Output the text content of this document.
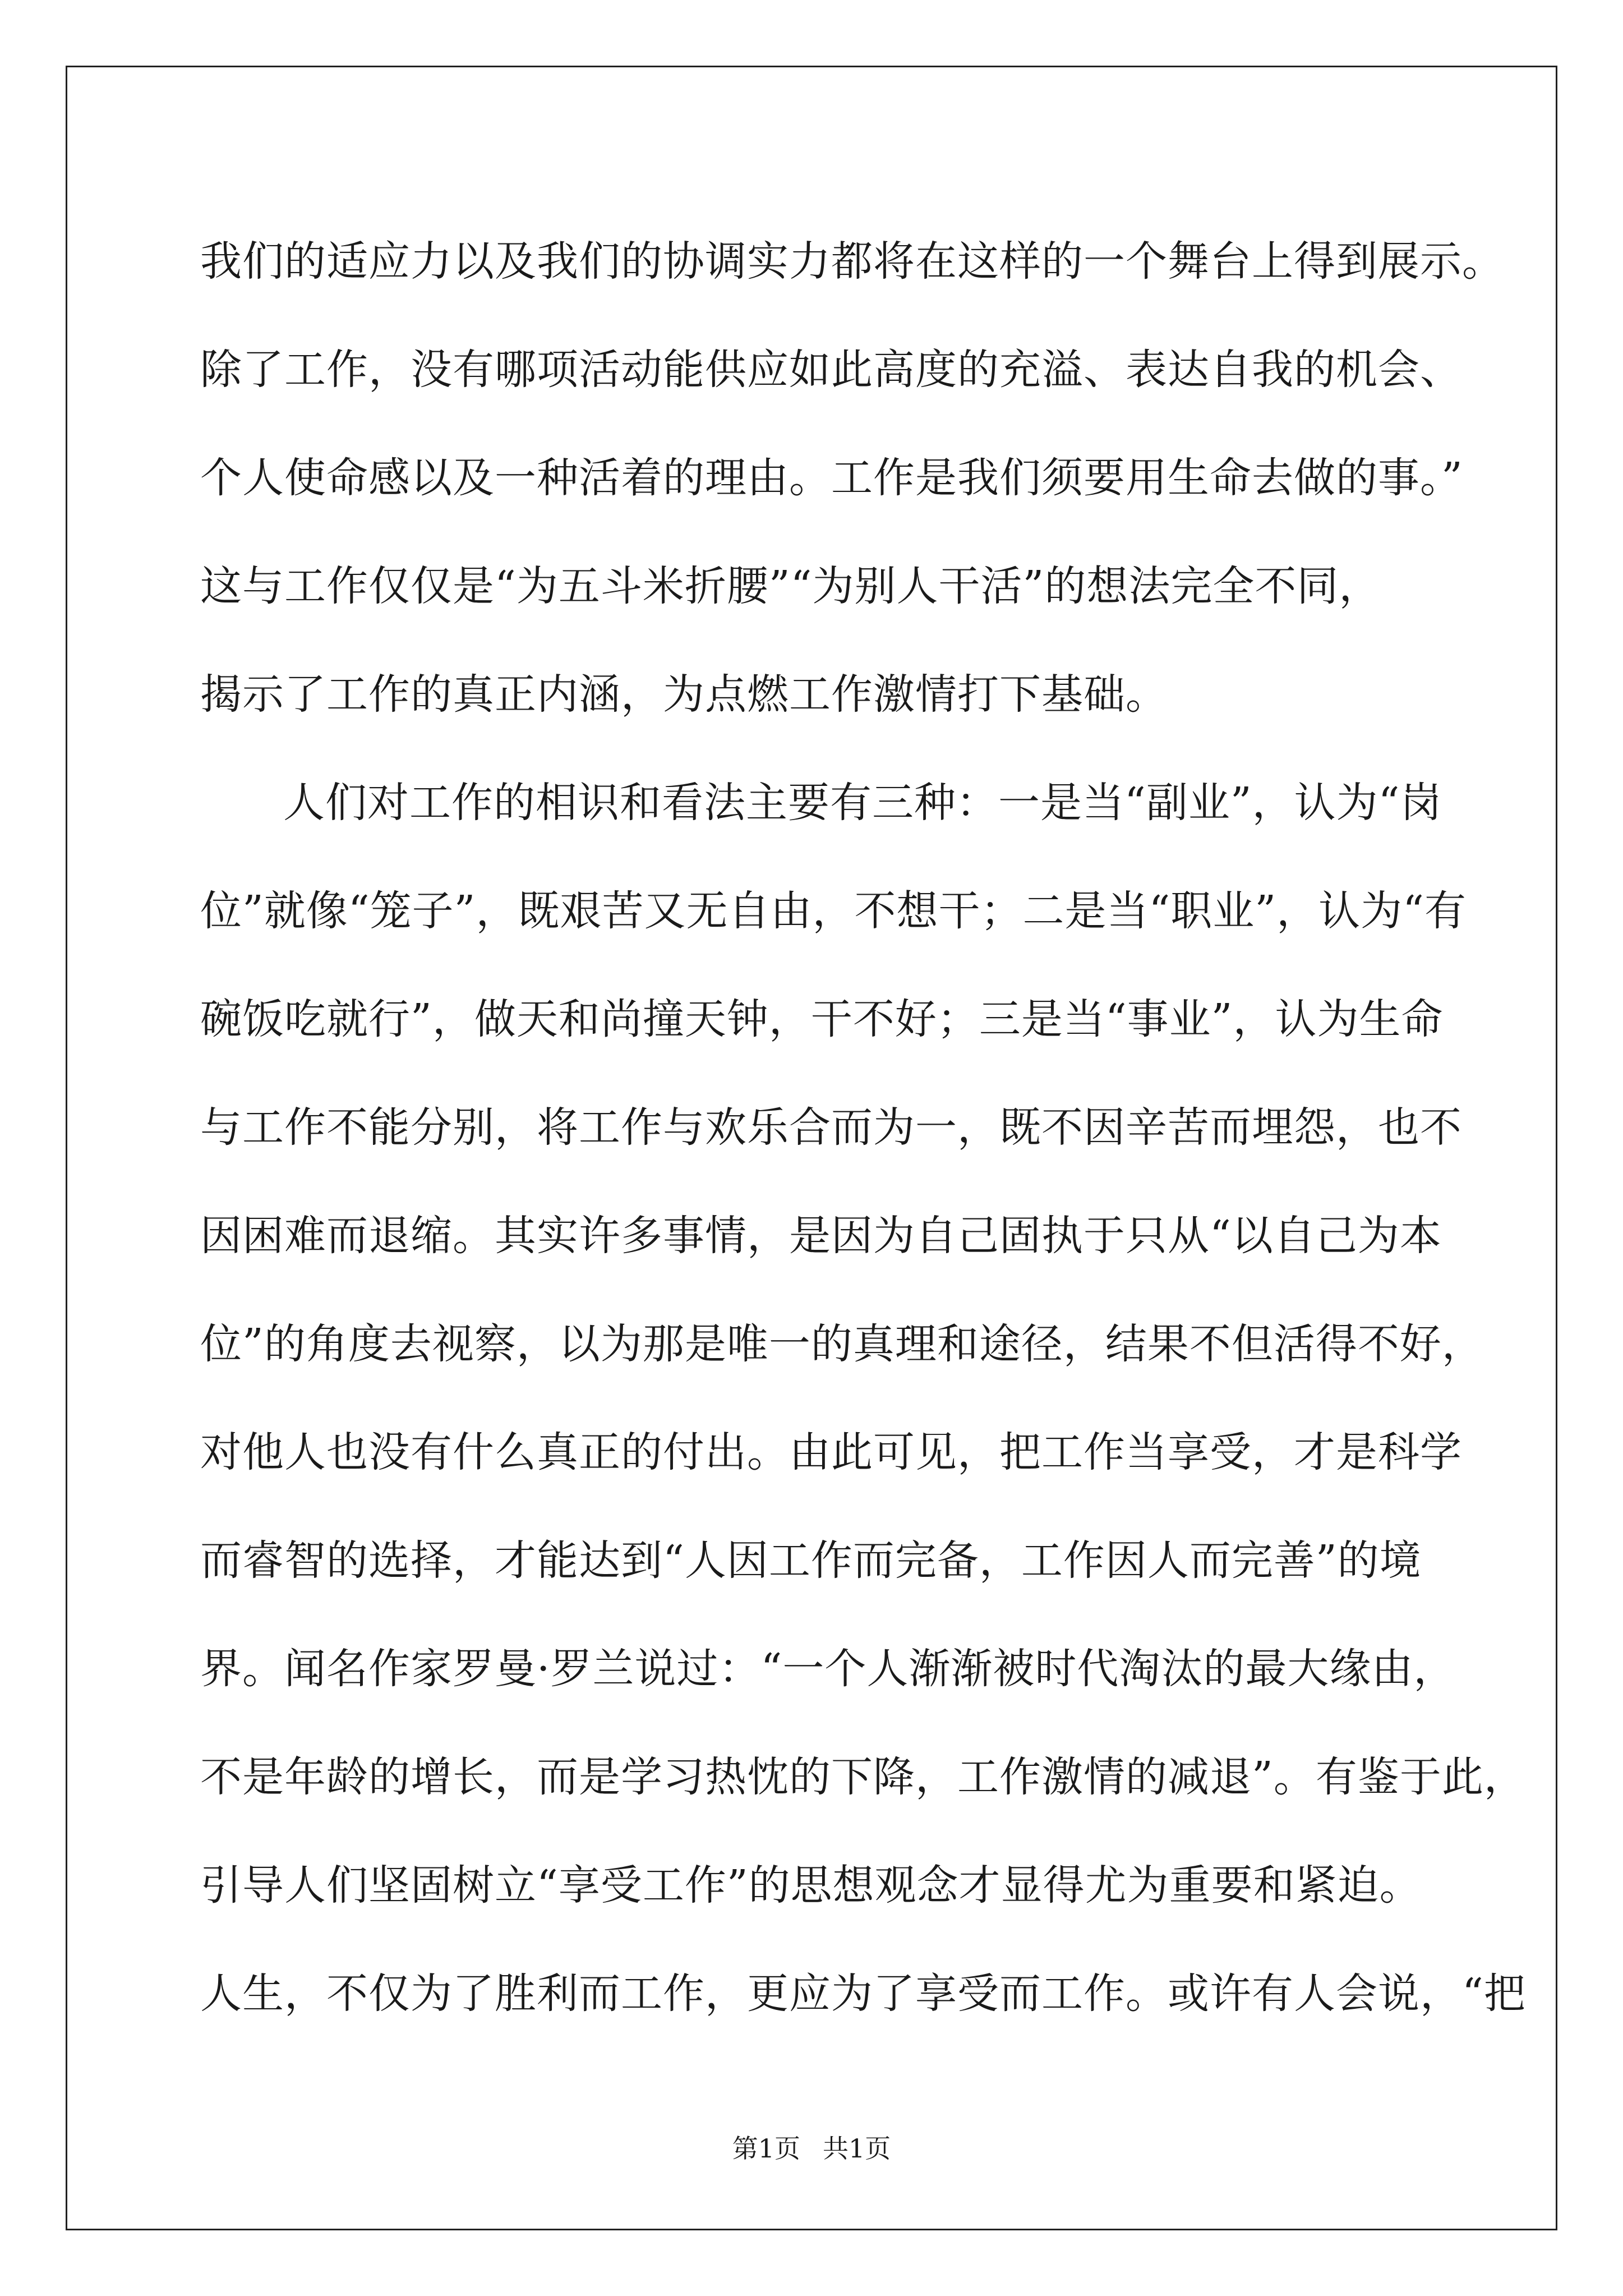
我们的适应力以及我们的协调实力都将在这样的一个舞台上得到展示。
除了工作，没有哪项活动能供应如此高度的充溢、表达自我的机会、
个人使命感以及一种活着的理由。工作是我们须要用生命去做的事。”
这与工作仅仅是“为五斗米折腰”“为别人干活”的想法完全不同，
揭示了工作的真正内涵，为点燃工作激情打下基础。
人们对工作的相识和看法主要有三种：一是当“副业”，认为“岗
位”就像“笼子”，既艰苦又无自由，不想干；二是当“职业”，认为“有
碗饭吃就行”，做天和尚撞天钟，干不好；三是当“事业”，认为生命
与工作不能分别，将工作与欢乐合而为一，既不因辛苦而埋怨，也不
因困难而退缩。其实许多事情，是因为自己固执于只从“以自己为本
位”的角度去视察，以为那是唯一的真理和途径，结果不但活得不好，
对他人也没有什么真正的付出。由此可见，把工作当享受，才是科学
而睿智的选择，才能达到“人因工作而完备，工作因人而完善”的境
界。闻名作家罗曼·罗兰说过：“一个人渐渐被时代淘汰的最大缘由，
不是年龄的增长，而是学习热忱的下降，工作激情的减退”。有鉴于此，
引导人们坚固树立“享受工作”的思想观念才显得尤为重要和紧迫。
人生，不仅为了胜利而工作，更应为了享受而工作。或许有人会说，“把
第1页 共1页
